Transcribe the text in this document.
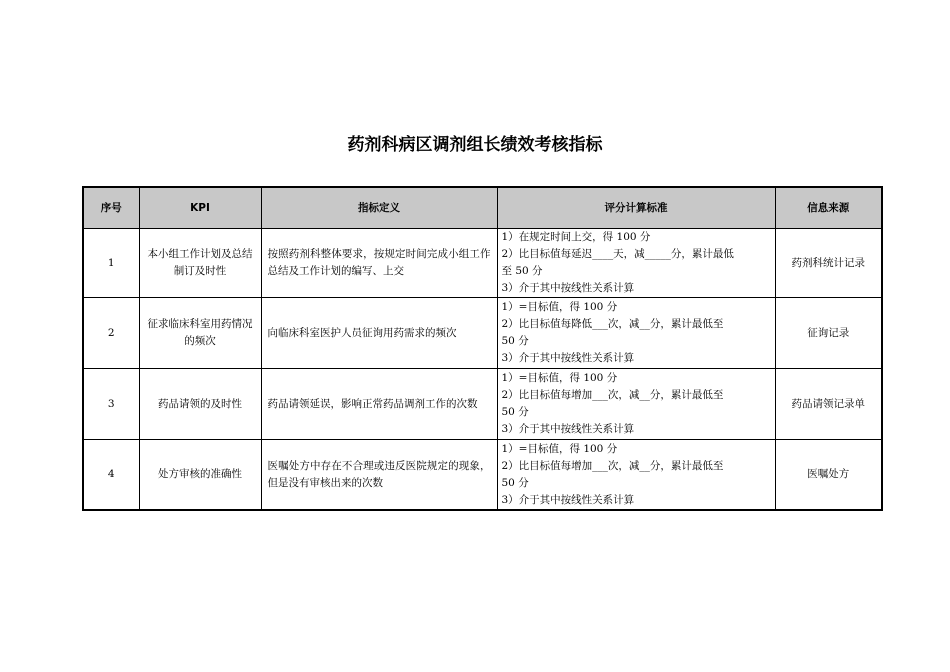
药剂科病区调剂组长绩效考核指标
序号	KPI	指标定义	评分计算标准	信息来源
1	本小组工作计划及总结制订及时性	按照药剂科整体要求，按规定时间完成小组工作总结及工作计划的编写、上交	1）在规定时间上交，得 100 分
2）比目标值每延迟____天，减_____分，累计最低
至 50 分
3）介于其中按线性关系计算	药剂科统计记录
2	征求临床科室用药情况的频次	向临床科室医护人员征询用药需求的频次	1）=目标值，得 100 分
2）比目标值每降低___次，减__分，累计最低至
50 分
3）介于其中按线性关系计算	征询记录
3	药品请领的及时性	药品请领延误，影响正常药品调剂工作的次数	1）=目标值，得 100 分
2）比目标值每增加___次，减__分，累计最低至
50 分
3）介于其中按线性关系计算	药品请领记录单
4	处方审核的准确性	医嘱处方中存在不合理或违反医院规定的现象，但是没有审核出来的次数	1）=目标值，得 100 分
2）比目标值每增加___次，减__分，累计最低至
50 分
3）介于其中按线性关系计算	医嘱处方
